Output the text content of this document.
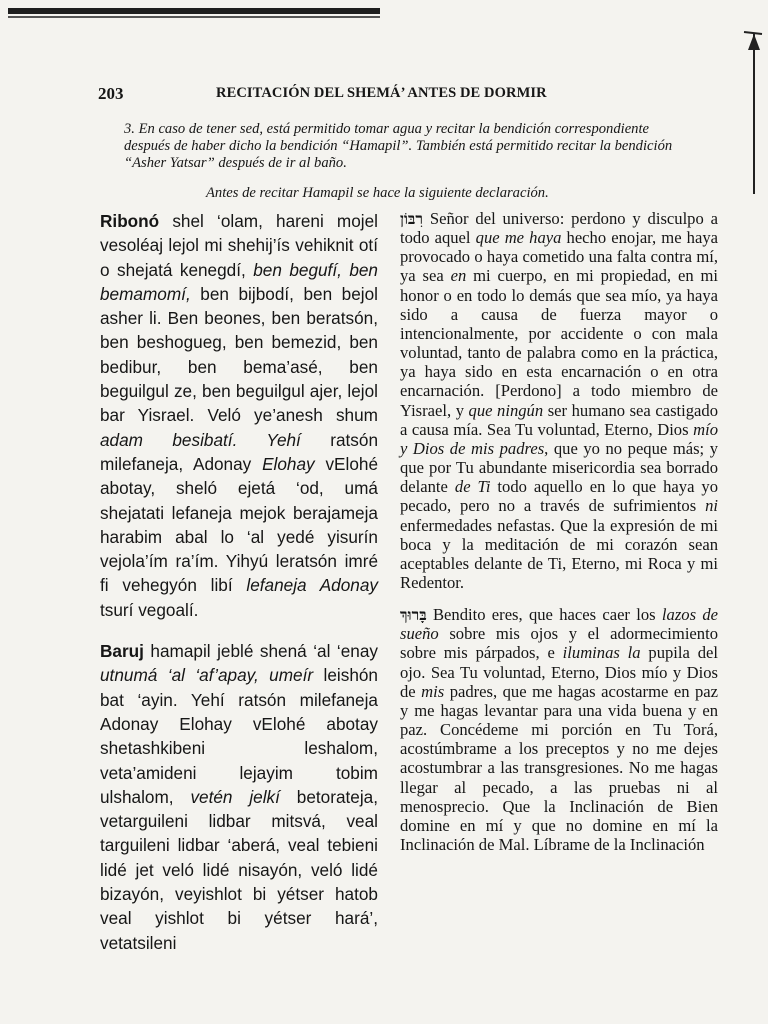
203	RECITACIÓN DEL SHEMÁ’ ANTES DE DORMIR
3. En caso de tener sed, está permitido tomar agua y recitar la bendición correspondiente después de haber dicho la bendición “Hamapil”. También está permitido recitar la bendición “Asher Yatsar” después de ir al baño.
Antes de recitar Hamapil se hace la siguiente declaración.

Ribonó shel ‘olam, hareni mojel vesoléaj lejol mi shehij’ís vehiknit otí o shejatá kenegdí, ben begufí, ben bemamomí, ben bijbodí, ben bejol asher li. Ben beones, ben beratsón, ben beshogueg, ben bemezid, ben bedibur, ben bema’asé, ben beguilgul ze, ben beguilgul ajer, lejol bar Yisrael. Veló ye’anesh shum adam besibatí. Yehí ratsón milefaneja, Adonay Elohay vElohé abotay, sheló ejetá ‘od, umá shejatati lefaneja mejok berajameja harabim abal lo ‘al yedé yisurín vejola’ím ra’ím. Yihyú leratsón imré fi vehegyón libí lefaneja Adonay tsurí vegoalí.

Baruj hamapil jeblé shená ‘al ‘enay utnumá ‘al ‘af’apay, umeír leishón bat ‘ayin. Yehí ratsón milefaneja Adonay Elohay vElohé abotay shetashkibeni leshalom, veta’amideni lejayim tobim ulshalom, vetén jelkí betorateja, vetarguileni lidbar mitsvá, veal targuileni lidbar ‘aberá, veal tebieni lidé jet veló lidé nisayón, veló lidé bizayón, veyishlot bi yétser hatob veal yishlot bi yétser hará’, vetatsileni

רִבּוֹן Señor del universo: perdono y disculpo a todo aquel que me haya hecho enojar, me haya provocado o haya cometido una falta contra mí, ya sea en mi cuerpo, en mi propiedad, en mi honor o en todo lo demás que sea mío, ya haya sido a causa de fuerza mayor o intencionalmente, por accidente o con mala voluntad, tanto de palabra como en la práctica, ya haya sido en esta encarnación o en otra encarnación. [Perdono] a todo miembro de Yisrael, y que ningún ser humano sea castigado a causa mía. Sea Tu voluntad, Eterno, Dios mío y Dios de mis padres, que yo no peque más; y que por Tu abundante misericordia sea borrado delante de Ti todo aquello en lo que haya yo pecado, pero no a través de sufrimientos ni enfermedades nefastas. Que la expresión de mi boca y la meditación de mi corazón sean aceptables delante de Ti, Eterno, mi Roca y mi Redentor.

בָּרוּךְ Bendito eres, que haces caer los lazos de sueño sobre mis ojos y el adormecimiento sobre mis párpados, e iluminas la pupila del ojo. Sea Tu voluntad, Eterno, Dios mío y Dios de mis padres, que me hagas acostarme en paz y me hagas levantar para una vida buena y en paz. Concédeme mi porción en Tu Torá, acostúmbrame a los preceptos y no me dejes acostumbrar a las transgresiones. No me hagas llegar al pecado, a las pruebas ni al menosprecio. Que la Inclinación de Bien domine en mí y que no domine en mí la Inclinación de Mal. Líbrame de la Inclinación
